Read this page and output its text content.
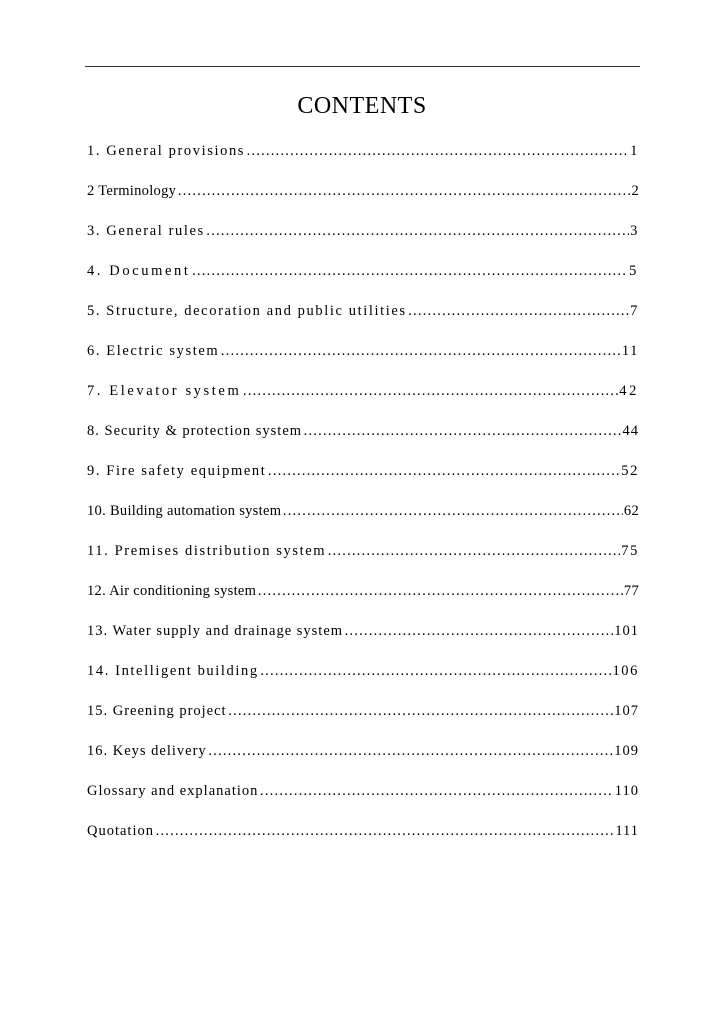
CONTENTS
1. General provisions …………………………………………………………………………………………………………………………………………………………	1
2 Terminology …………………………………………………………………………………………………………………………………………………………	2
3. General rules …………………………………………………………………………………………………………………………………………………………	3
4. Document …………………………………………………………………………………………………………………………………………………………	5
5. Structure, decoration and public utilities …………………………………………………………………………………………………………………………………………………………	7
6. Electric system …………………………………………………………………………………………………………………………………………………………	11
7. Elevator system …………………………………………………………………………………………………………………………………………………………	42
8. Security & protection system …………………………………………………………………………………………………………………………………………………………	44
9. Fire safety equipment …………………………………………………………………………………………………………………………………………………………	52
10. Building automation system …………………………………………………………………………………………………………………………………………………………	62
11. Premises distribution system …………………………………………………………………………………………………………………………………………………………	75
12. Air conditioning system …………………………………………………………………………………………………………………………………………………………	77
13. Water supply and drainage system …………………………………………………………………………………………………………………………………………………………	101
14. Intelligent building …………………………………………………………………………………………………………………………………………………………	106
15. Greening project …………………………………………………………………………………………………………………………………………………………	107
16. Keys delivery …………………………………………………………………………………………………………………………………………………………	109
Glossary and explanation …………………………………………………………………………………………………………………………………………………………	110
Quotation …………………………………………………………………………………………………………………………………………………………	111
